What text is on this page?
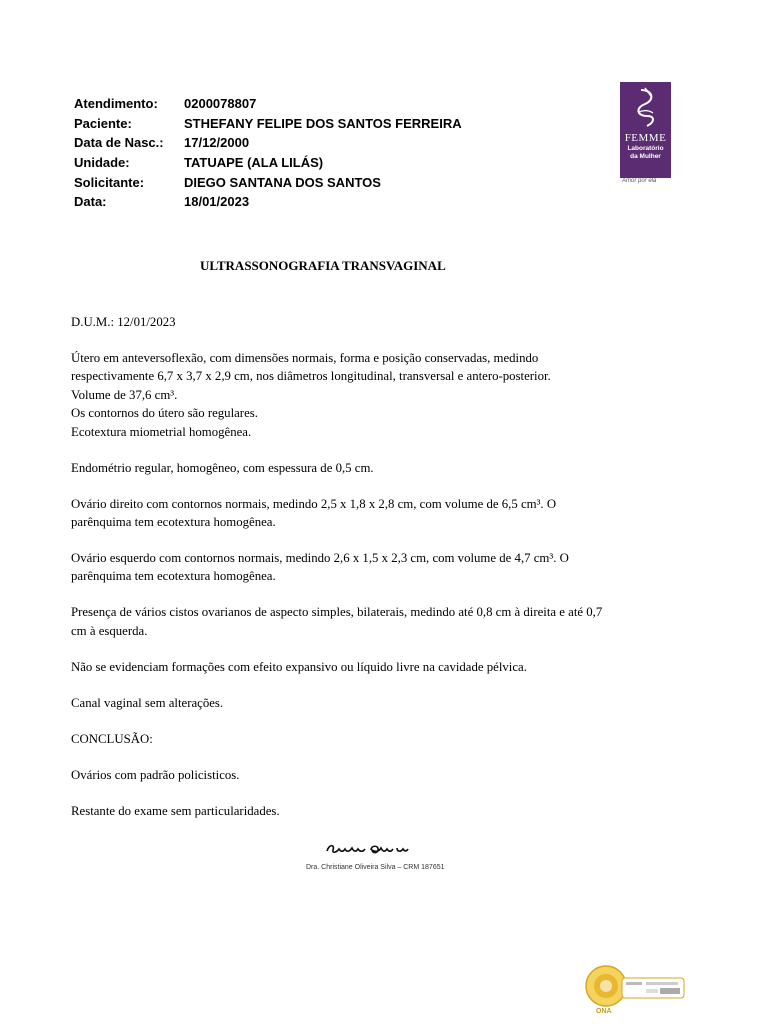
Atendimento:	0200078807
Paciente:	STHEFANY FELIPE DOS SANTOS FERREIRA
Data de Nasc.:	17/12/2000
Unidade:	TATUAPE (ALA LILÁS)
Solicitante:	DIEGO SANTANA DOS SANTOS
Data:	18/01/2023
FEMME
Laboratório
da Mulher
Amor por ela
ULTRASSONOGRAFIA TRANSVAGINAL

D.U.M.: 12/01/2023

Útero em anteversoflexão, com dimensões normais, forma e posição conservadas, medindo

respectivamente 6,7 x 3,7 x 2,9 cm, nos diâmetros longitudinal, transversal e antero-posterior.

Volume de 37,6 cm³.

Os contornos do útero são regulares.

Ecotextura miometrial homogênea.

Endométrio regular, homogêneo, com espessura de 0,5 cm.

Ovário direito com contornos normais, medindo 2,5 x 1,8 x 2,8 cm, com volume de 6,5 cm³. O

parênquima tem ecotextura homogênea.

Ovário esquerdo com contornos normais, medindo 2,6 x 1,5 x 2,3 cm, com volume de 4,7 cm³. O

parênquima tem ecotextura homogênea.

Presença de vários cistos ovarianos de aspecto simples, bilaterais, medindo até 0,8 cm à direita e até 0,7

cm à esquerda.

Não se evidenciam formações com efeito expansivo ou líquido livre na cavidade pélvica.

Canal vaginal sem alterações.

CONCLUSÃO:

Ovários com padrão policisticos.

Restante do exame sem particularidades.

Dra. Christiane Oliveira Silva – CRM 187651
ONA
